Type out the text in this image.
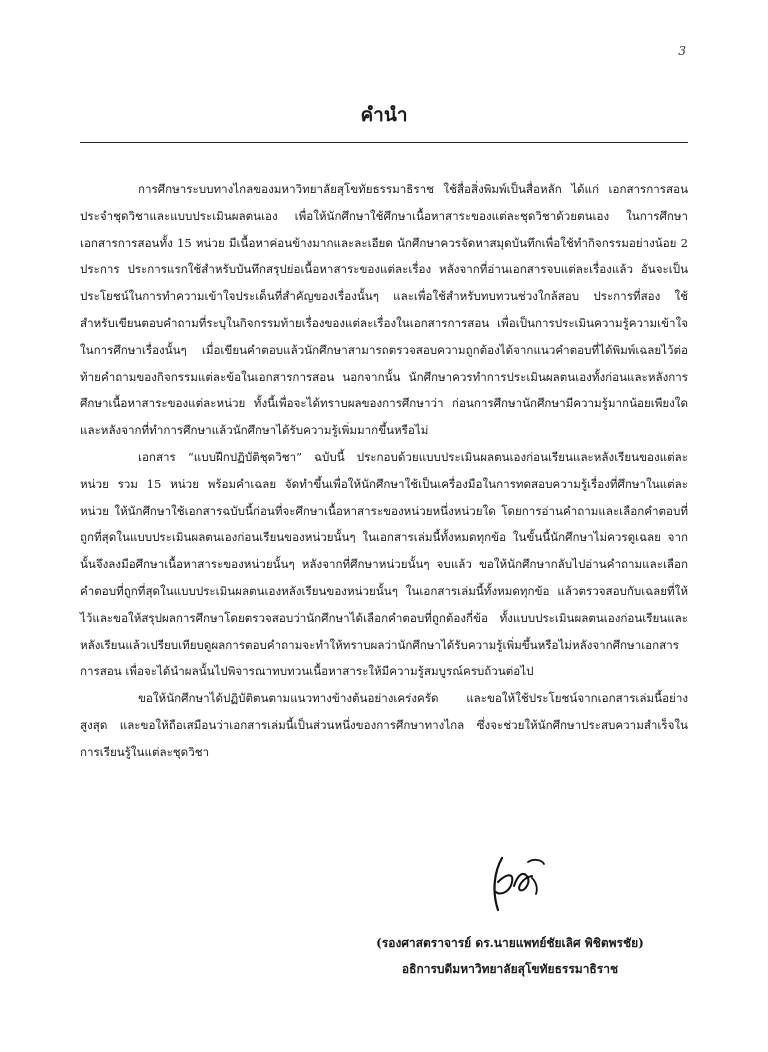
3
คำนำ

การศึกษาระบบทางไกลของมหาวิทยาลัยสุโขทัยธรรมาธิราช ใช้สื่อสิ่งพิมพ์เป็นสื่อหลัก ได้แก่ เอกสารการสอนประจำชุดวิชาและแบบประเมินผลตนเอง เพื่อให้นักศึกษาใช้ศึกษาเนื้อหาสาระของแต่ละชุดวิชาด้วยตนเอง ในการศึกษาเอกสารการสอนทั้ง 15 หน่วย มีเนื้อหาค่อนข้างมากและละเอียด นักศึกษาควรจัดหาสมุดบันทึกเพื่อใช้ทำกิจกรรมอย่างน้อย 2 ประการ ประการแรกใช้สำหรับบันทึกสรุปย่อเนื้อหาสาระของแต่ละเรื่อง หลังจากที่อ่านเอกสารจบแต่ละเรื่องแล้ว อันจะเป็นประโยชน์ในการทำความเข้าใจประเด็นที่สำคัญของเรื่องนั้นๆ และเพื่อใช้สำหรับทบทวนช่วงใกล้สอบ ประการที่สอง ใช้สำหรับเขียนตอบคำถามที่ระบุในกิจกรรมท้ายเรื่องของแต่ละเรื่องในเอกสารการสอน เพื่อเป็นการประเมินความรู้ความเข้าใจในการศึกษาเรื่องนั้นๆ เมื่อเขียนคำตอบแล้วนักศึกษาสามารถตรวจสอบความถูกต้องได้จากแนวคำตอบที่ได้พิมพ์เฉลยไว้ต่อท้ายคำถามของกิจกรรมแต่ละข้อในเอกสารการสอน นอกจากนั้น นักศึกษาควรทำการประเมินผลตนเองทั้งก่อนและหลังการศึกษาเนื้อหาสาระของแต่ละหน่วย ทั้งนี้เพื่อจะได้ทราบผลของการศึกษาว่า ก่อนการศึกษานักศึกษามีความรู้มากน้อยเพียงใด และหลังจากที่ทำการศึกษาแล้วนักศึกษาได้รับความรู้เพิ่มมากขึ้นหรือไม่

เอกสาร “แบบฝึกปฏิบัติชุดวิชา” ฉบับนี้ ประกอบด้วยแบบประเมินผลตนเองก่อนเรียนและหลังเรียนของแต่ละหน่วย รวม 15 หน่วย พร้อมคำเฉลย จัดทำขึ้นเพื่อให้นักศึกษาใช้เป็นเครื่องมือในการทดสอบความรู้เรื่องที่ศึกษาในแต่ละหน่วย ให้นักศึกษาใช้เอกสารฉบับนี้ก่อนที่จะศึกษาเนื้อหาสาระของหน่วยหนึ่งหน่วยใด โดยการอ่านคำถามและเลือกคำตอบที่ถูกที่สุดในแบบประเมินผลตนเองก่อนเรียนของหน่วยนั้นๆ ในเอกสารเล่มนี้ทั้งหมดทุกข้อ ในขั้นนี้นักศึกษาไม่ควรดูเฉลย จากนั้นจึงลงมือศึกษาเนื้อหาสาระของหน่วยนั้นๆ หลังจากที่ศึกษาหน่วยนั้นๆ จบแล้ว ขอให้นักศึกษากลับไปอ่านคำถามและเลือกคำตอบที่ถูกที่สุดในแบบประเมินผลตนเองหลังเรียนของหน่วยนั้นๆ ในเอกสารเล่มนี้ทั้งหมดทุกข้อ แล้วตรวจสอบกับเฉลยที่ให้ไว้และขอให้สรุปผลการศึกษาโดยตรวจสอบว่านักศึกษาได้เลือกคำตอบที่ถูกต้องกี่ข้อ ทั้งแบบประเมินผลตนเองก่อนเรียนและหลังเรียนแล้วเปรียบเทียบดูผลการตอบคำถามจะทำให้ทราบผลว่านักศึกษาได้รับความรู้เพิ่มขึ้นหรือไม่หลังจากศึกษาเอกสารการสอน เพื่อจะได้นำผลนั้นไปพิจารณาทบทวนเนื้อหาสาระให้มีความรู้สมบูรณ์ครบถ้วนต่อไป

ขอให้นักศึกษาได้ปฏิบัติตนตามแนวทางข้างต้นอย่างเคร่งครัด และขอให้ใช้ประโยชน์จากเอกสารเล่มนี้อย่างสูงสุด และขอให้ถือเสมือนว่าเอกสารเล่มนี้เป็นส่วนหนึ่งของการศึกษาทางไกล ซึ่งจะช่วยให้นักศึกษาประสบความสำเร็จในการเรียนรู้ในแต่ละชุดวิชา

(รองศาสตราจารย์ ดร.นายแพทย์ชัยเลิศ พิชิตพรชัย)
อธิการบดีมหาวิทยาลัยสุโขทัยธรรมาธิราช
